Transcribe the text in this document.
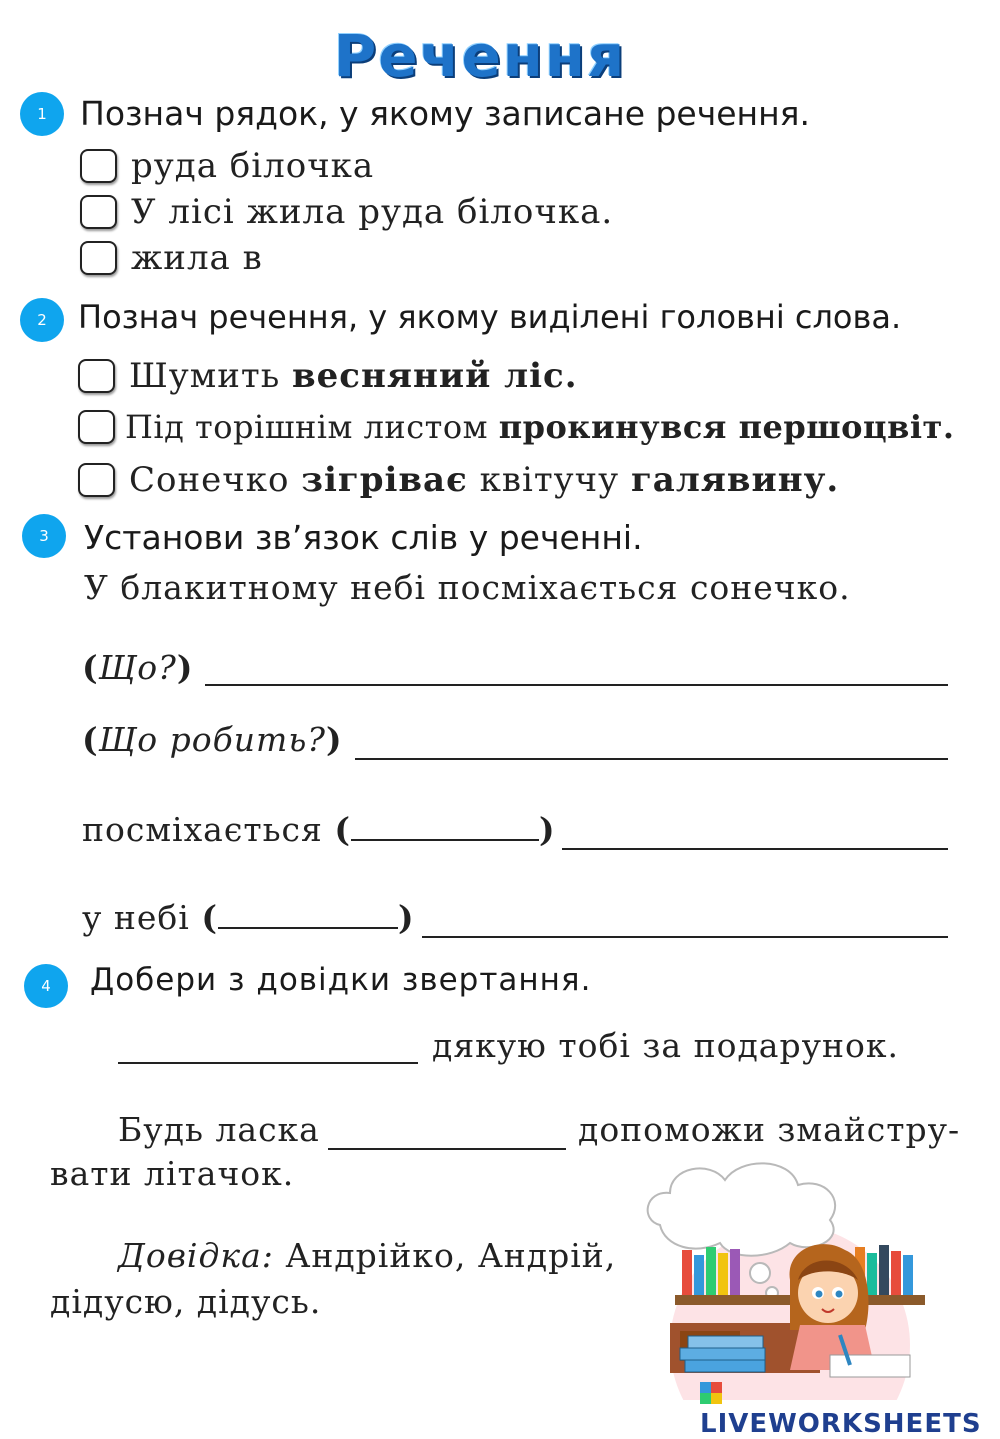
Речення
1	Познач рядок, у якому записане речення.
руда білочка
У лісі жила руда білочка.
жила в
2 Познач речення, у якому виділені головні слова.
Шумить весняний ліс.
Під торішнім листом прокинувся першоцвіт.
Сонечко зігріває квітучу галявину.
3	Установи зв’язок слів у реченні.
У блакитному небі посміхається сонечко.
(Що?)
(Що робить?)
посміхається (	)
у небі (	)
4	Добери з довідки звертання.
дякую тобі за подарунок.
Будь ласка	допоможи змайстру-
вати літачок.
Довідка: Андрійко, Андрій,
дідусю, дідусь.
LIVEWORKSHEETS
